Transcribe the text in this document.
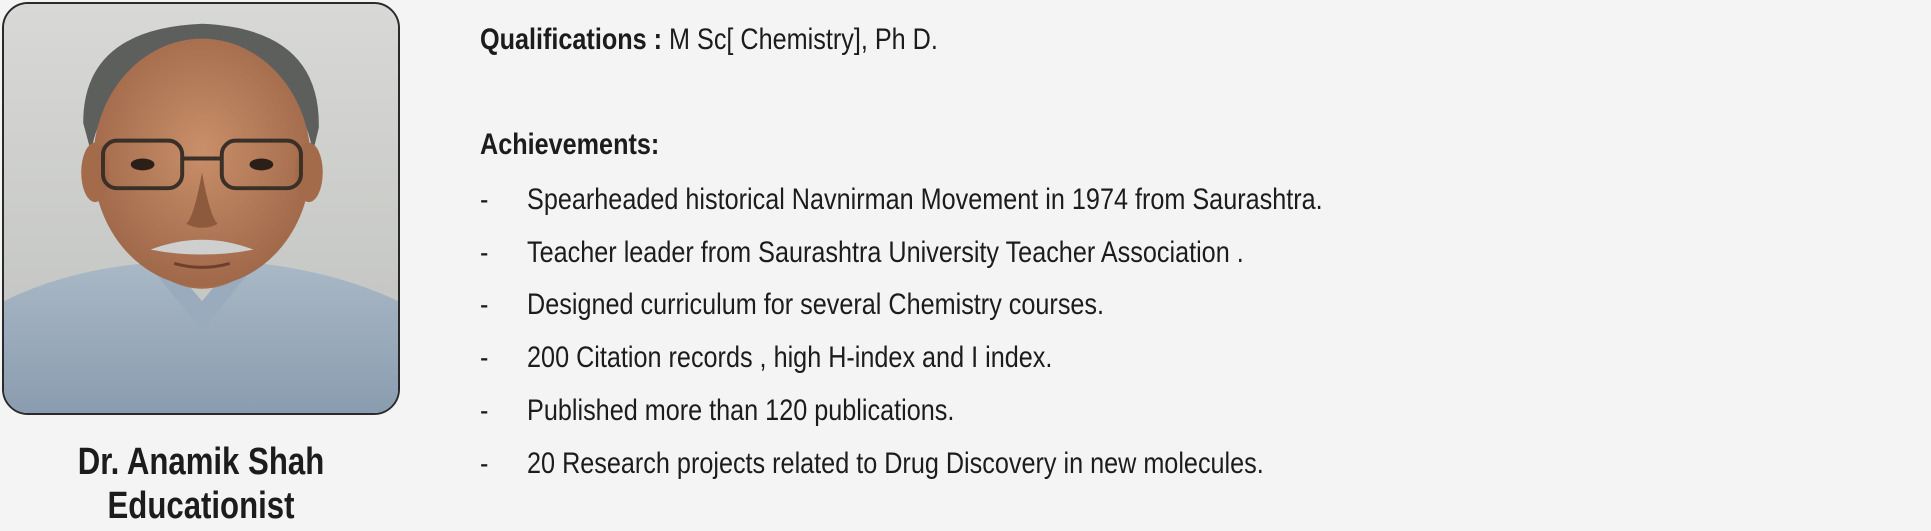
Dr. Anamik Shah
Educationist
Qualifications : M Sc[ Chemistry], Ph D.
Achievements:
- Spearheaded historical Navnirman Movement in 1974 from Saurashtra.
- Teacher leader from Saurashtra University Teacher Association .
- Designed curriculum for several Chemistry courses.
- 200 Citation records , high H-index and I index.
- Published more than 120 publications.
- 20 Research projects related to Drug Discovery in new molecules.
